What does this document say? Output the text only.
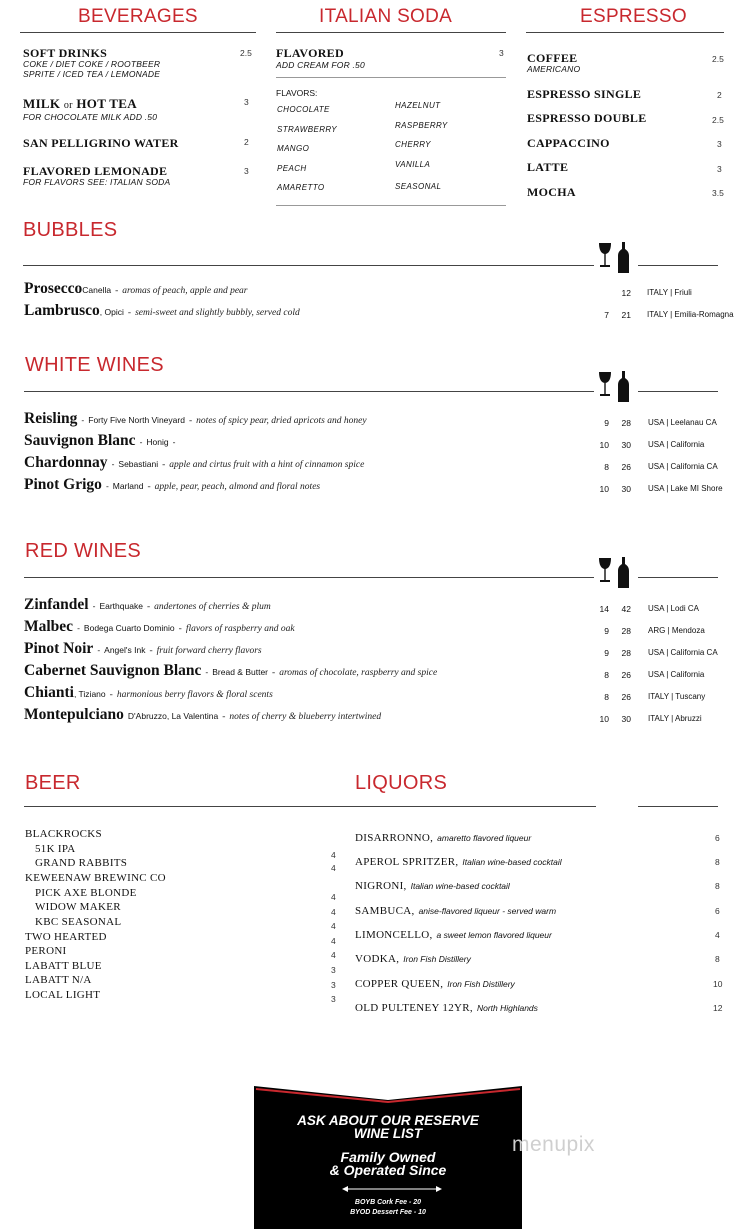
BEVERAGES	ITALIAN SODA	ESPRESSO
SOFT DRINKS
COKE / DIET COKE / ROOTBEER
SPRITE / ICED TEA / LEMONADE
2.5
MILK or HOT TEA
FOR CHOCOLATE MILK ADD .50
3
SAN PELLIGRINO WATER	2
FLAVORED LEMONADE
FOR FLAVORS SEE: ITALIAN SODA
3
FLAVORED
ADD CREAM FOR .50
3
FLAVORS:
CHOCOLATE
STRAWBERRY
MANGO
PEACH
AMARETTO
HAZELNUT
RASPBERRY
CHERRY
VANILLA
SEASONAL
COFFEE
AMERICANO
2.5
ESPRESSO SINGLE	2
ESPRESSO DOUBLE	2.5
CAPPACCINO	3
LATTE	3
MOCHA	3.5
BUBBLES
ProseccoCanella - aromas of peach, apple and pear	12 ITALY | Friuli
Lambrusco, Opici - semi-sweet and slightly bubbly, served cold	7	21 ITALY | Emilia-Romagna
WHITE WINES
Reisling - Forty Five North Vineyard - notes of spicy pear, dried apricots and honey	9	28 USA | Leelanau CA
Sauvignon Blanc - Honig -	10	30 USA | California
Chardonnay - Sebastiani - apple and cirtus fruit with a hint of cinnamon spice	8	26 USA | California CA
Pinot Grigo - Marland - apple, pear, peach, almond and floral notes	10	30 USA | Lake MI Shore
RED WINES
Zinfandel - Earthquake - andertones of cherries & plum	14	42 USA | Lodi CA
Malbec - Bodega Cuarto Dominio - flavors of raspberry and oak	9	28 ARG | Mendoza
Pinot Noir - Angel's Ink - fruit forward cherry flavors	9	28 USA | California CA
Cabernet Sauvignon Blanc - Bread & Butter - aromas of chocolate, raspberry and spice	8	26 USA | California
Chianti, Tiziano - harmonious berry flavors & floral scents	8	26 ITALY | Tuscany
Montepulciano D'Abruzzo, La Valentina - notes of cherry & blueberry intertwined	10	30 ITALY | Abruzzi
BEER
BLACKROCKS
51K IPA	4
GRAND RABBITS	4
KEWEENAW BREWINC CO
PICK AXE BLONDE	4
WIDOW MAKER	4
KBC SEASONAL	4
TWO HEARTED	4
PERONI	4
LABATT BLUE	3
LABATT N/A	3
LOCAL LIGHT	3
LIQUORS
DISARRONNO, amaretto flavored liqueur	6
APEROL SPRITZER, Italian wine-based cocktail	8
NIGRONI, Italian wine-based cocktail	8
SAMBUCA, anise-flavored liqueur - served warm	6
LIMONCELLO, a sweet lemon flavored liqueur	4
VODKA, Iron Fish Distillery	8
COPPER QUEEN, Iron Fish Distillery	10
OLD PULTENEY 12YR, North Highlands	12
ASK ABOUT OUR RESERVE
WINE LIST
Family Owned
& Operated Since
BOYB Cork Fee - 20
BYOD Dessert Fee - 10
menupix
